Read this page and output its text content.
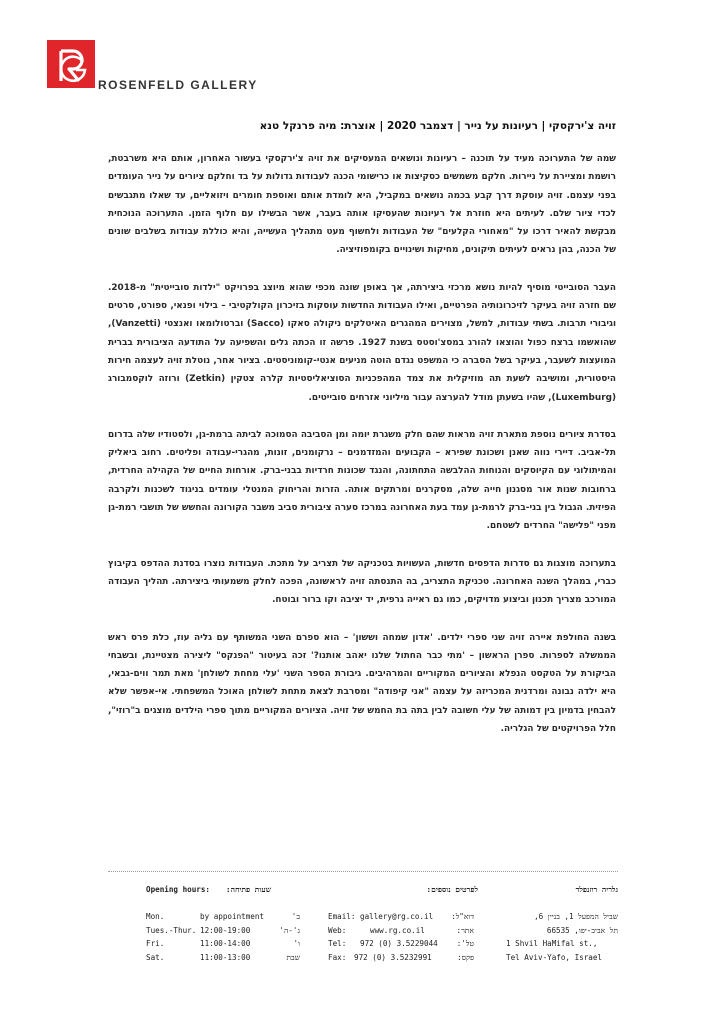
ROSENFELD GALLERY
זויה צ'ירקסקי | רעיונות על נייר | דצמבר 2020 | אוצרת: מיה פרנקל טנא

שמה של התערוכה מעיד על תוכנה – רעיונות ונושאים המעסיקים את זויה צ'ירקסקי בעשור האחרון, אותם היא משרבטת, רושמת ומציירת על ניירות. חלקם משמשים כסקיצות או כרישומי הכנה לעבודות גדולות על בד וחלקם ציורים על נייר העומדים בפני עצמם. זויה עוסקת דרך קבע בכמה נושאים במקביל, היא לומדת אותם ואוספת חומרים ויזואליים, עד שאלו מתגבשים לכדי ציור שלם. לעיתים היא חוזרת אל רעיונות שהעסיקו אותה בעבר, אשר הבשילו עם חלוף הזמן. התערוכה הנוכחית מבקשת להאיר דרכו על "מאחורי הקלעים" של העבודות ולחשוף מעט מתהליך העשייה, והיא כוללת עבודות בשלבים שונים של הכנה, בהן נראים לעיתים תיקונים, מחיקות ושינויים בקומפוזיציה.

העבר הסובייטי מוסיף להיות נושא מרכזי ביצירתה, אך באופן שונה מכפי שהוא מיוצג בפרויקט "ילדות סובייטית" מ-2018. שם חזרה זויה בעיקר לזיכרונותיה הפרטיים, ואילו העבודות החדשות עוסקות בזיכרון הקולקטיבי – בילוי ופנאי, ספורט, סרטים וגיבורי תרבות. בשתי עבודות, למשל, מצוירים המהגרים האיטלקים ניקולה סאקו (Sacco) וברטולומאו ואנצטי (Vanzetti), שהואשמו ברצח כפול והוצאו להורג במסצ'וסטס בשנת 1927. פרשה זו הכתה גלים והשפיעה על התודעה הציבורית בברית המועצות לשעבר, בעיקר בשל הסברה כי המשפט נגדם הוטה מניעים אנטי-קומוניסטים. בציור אחר, נוטלת זויה לעצמה חירות היסטורית, ומושיבה לשעת תה מוזיקלית את צמד המהפכניות הסוציאליסטיות קלרה צטקין (Zetkin) ורוזה לוקסמבורג (Luxemburg), שהיו בשעתן מודל להערצה עבור מיליוני אזרחים סובייטים.

בסדרת ציורים נוספת מתארת זויה מראות שהם חלק משגרת יומה ומן הסביבה הסמוכה לביתה ברמת-גן, ולסטודיו שלה בדרום תל-אביב. דיירי נווה שאנן ושכונת שפירא – הקבועים והמזדמנים – נרקומנים, זונות, מהגרי-עבודה ופליטים. רחוב ביאליק והמיתולוגי עם הקיוסקים והנוחות ההלבשה התחתונה, והנגד שכונות חרדיות בבני-ברק. אורחות החיים של הקהילה החרדית, ברחובות שנות אור מסגנון חייה שלה, מסקרנים ומרתקים אותה. הזרות והריחוק המנטלי עומדים בניגוד לשכנות ולקרבה הפיזית. הגבול בין בני-ברק לרמת-גן עמד בעת האחרונה במרכז סערה ציבורית סביב משבר הקורונה והחשש של תושבי רמת-גן מפני "פלישה" החרדים לשטחם.

בתערוכה מוצגות גם סדרות הדפסים חדשות, העשויות בטכניקה של תצריב על מתכת. העבודות נוצרו בסדנת ההדפס בקיבוץ כברי, במהלך השנה האחרונה. טכניקת התצריב, בה התנסתה זויה לראשונה, הפכה לחלק משמעותי ביצירתה. תהליך העבודה המורכב מצריך תכנון וביצוע מדויקים, כמו גם ראייה גרפית, יד יציבה וקו ברור ובוטח.

בשנה החולפת איירה זויה שני ספרי ילדים. 'אדון שמחה וששון' – הוא ספרם השני המשותף עם גליה עוז, כלת פרס ראש הממשלה לספרות. ספרן הראשון – 'מתי כבר החתול שלנו יאהב אותנו?' זכה בעיטור "הפנקס" ליצירה מצטיינת, ובשבחי הביקורת על הטקסט הנפלא והציורים המקוריים והמרהיבים. גיבורת הספר השני 'עלי מחחת לשולחן' מאת תמר ווים-גבאי, היא ילדה נבונה ומרדנית המכריזה על עצמה "אני קיפודה" ומסרבת לצאת מתחת לשולחן האוכל המשפחתי. אי-אפשר שלא להבחין בדמיון בין דמותה של עלי חשובה לבין בתה בת החמש של זויה. הציורים המקוריים מתוך ספרי הילדים מוצגים ב"רוזי", חלל הפרויקטים של הגלריה.

Opening hours:
Mon.
Tues.-Thur.
Fri.
Sat.
שעות פתיחה:
by appointment
12:00-19:00
11:00-14:00
11:00-13:00
ב'
ג'-ה'
ו'
שבת
Email:
Web:
Tel:
Fax:
gallery@rg.co.il
www.rg.co.il
972 (0) 3.5229044
972 (0) 3.5232991
לפרטים נוספים:
דוא"ל:
אתר:
טל':
פקס:
גלריה רוזנפלד
שביל המפעל 1, בניין 6,
תל אביב-יפו, 66535
1 Shvil HaMifal st.,
Tel Aviv-Yafo, Israel
